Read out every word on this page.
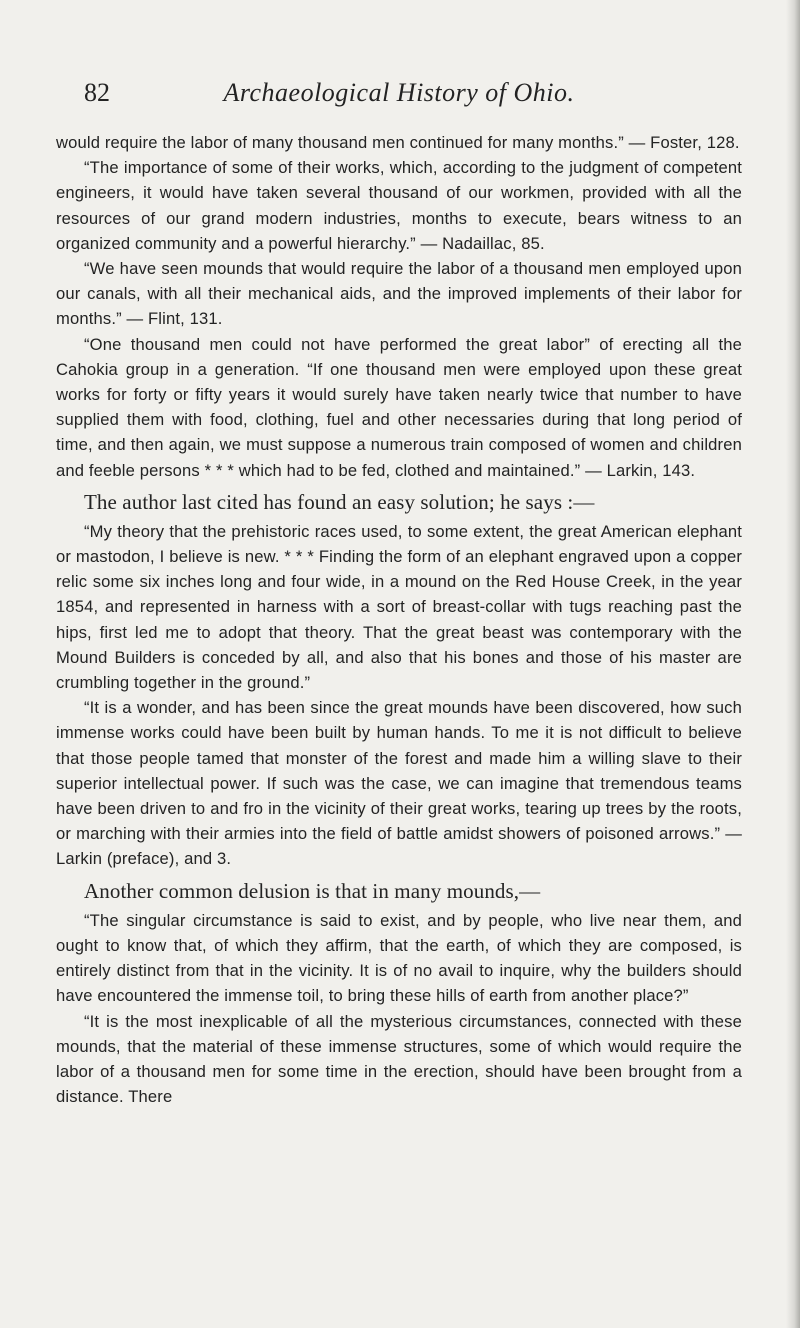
82	Archaeological History of Ohio.

would require the labor of many thousand men continued for many months.” — Foster, 128.

“The importance of some of their works, which, according to the judgment of competent engineers, it would have taken several thousand of our workmen, provided with all the resources of our grand modern industries, months to execute, bears witness to an organized community and a powerful hierarchy.” — Nadaillac, 85.

“We have seen mounds that would require the labor of a thousand men employed upon our canals, with all their mechanical aids, and the improved implements of their labor for months.” — Flint, 131.

“One thousand men could not have performed the great labor” of erecting all the Cahokia group in a generation. “If one thousand men were employed upon these great works for forty or fifty years it would surely have taken nearly twice that number to have supplied them with food, clothing, fuel and other necessaries during that long period of time, and then again, we must suppose a numerous train composed of women and children and feeble persons * * * which had to be fed, clothed and maintained.” — Larkin, 143.

The author last cited has found an easy solution; he says :—

“My theory that the prehistoric races used, to some extent, the great American elephant or mastodon, I believe is new. * * * Finding the form of an elephant engraved upon a copper relic some six inches long and four wide, in a mound on the Red House Creek, in the year 1854, and represented in harness with a sort of breast-collar with tugs reaching past the hips, first led me to adopt that theory. That the great beast was contemporary with the Mound Builders is conceded by all, and also that his bones and those of his master are crumbling together in the ground.”

“It is a wonder, and has been since the great mounds have been discovered, how such immense works could have been built by human hands. To me it is not difficult to believe that those people tamed that monster of the forest and made him a willing slave to their superior intellectual power. If such was the case, we can imagine that tremendous teams have been driven to and fro in the vicinity of their great works, tearing up trees by the roots, or marching with their armies into the field of battle amidst showers of poisoned arrows.” — Larkin (preface), and 3.

Another common delusion is that in many mounds,—

“The singular circumstance is said to exist, and by people, who live near them, and ought to know that, of which they affirm, that the earth, of which they are composed, is entirely distinct from that in the vicinity. It is of no avail to inquire, why the builders should have encountered the immense toil, to bring these hills of earth from another place?”

“It is the most inexplicable of all the mysterious circumstances, connected with these mounds, that the material of these immense structures, some of which would require the labor of a thousand men for some time in the erection, should have been brought from a distance. There
